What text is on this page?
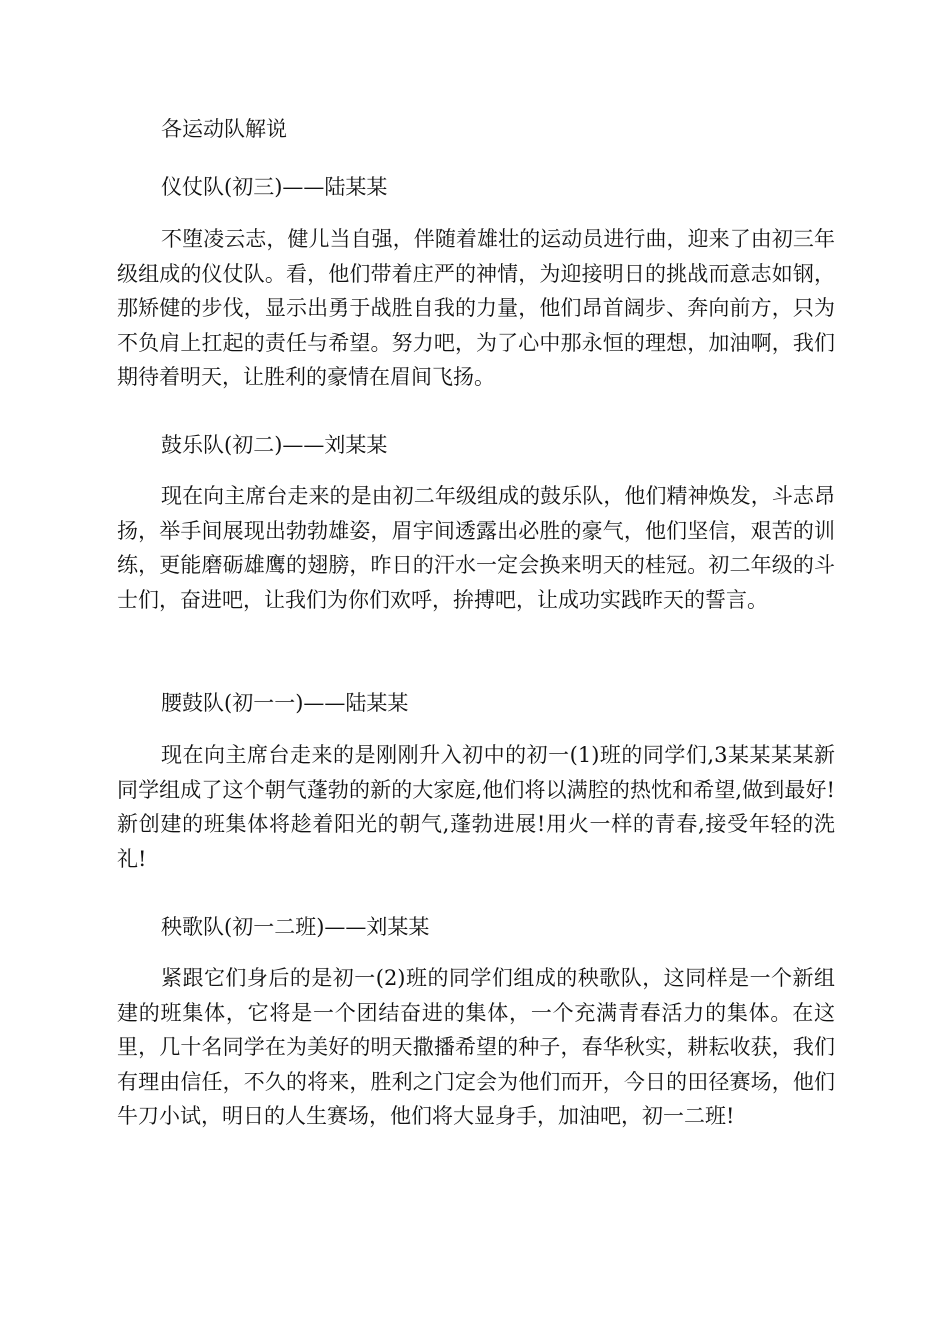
各运动队解说

仪仗队(初三)——陆某某

不堕凌云志，健儿当自强，伴随着雄壮的运动员进行曲，迎来了由初三年级组成的仪仗队。看，他们带着庄严的神情，为迎接明日的挑战而意志如钢，那矫健的步伐，显示出勇于战胜自我的力量，他们昂首阔步、奔向前方，只为不负肩上扛起的责任与希望。努力吧，为了心中那永恒的理想，加油啊，我们期待着明天，让胜利的豪情在眉间飞扬。

鼓乐队(初二)——刘某某

现在向主席台走来的是由初二年级组成的鼓乐队，他们精神焕发，斗志昂扬，举手间展现出勃勃雄姿，眉宇间透露出必胜的豪气，他们坚信，艰苦的训练，更能磨砺雄鹰的翅膀，昨日的汗水一定会换来明天的桂冠。初二年级的斗士们，奋进吧，让我们为你们欢呼，拚搏吧，让成功实践昨天的誓言。

腰鼓队(初一一)——陆某某

现在向主席台走来的是刚刚升入初中的初一(1)班的同学们,3某某某某新同学组成了这个朝气蓬勃的新的大家庭,他们将以满腔的热忱和希望,做到最好!新创建的班集体将趁着阳光的朝气,蓬勃进展!用火一样的青春,接受年轻的洗礼!

秧歌队(初一二班)——刘某某

紧跟它们身后的是初一(2)班的同学们组成的秧歌队，这同样是一个新组建的班集体，它将是一个团结奋进的集体，一个充满青春活力的集体。在这里，几十名同学在为美好的明天撒播希望的种子，春华秋实，耕耘收获，我们有理由信任，不久的将来，胜利之门定会为他们而开，今日的田径赛场，他们牛刀小试，明日的人生赛场，他们将大显身手，加油吧，初一二班!
